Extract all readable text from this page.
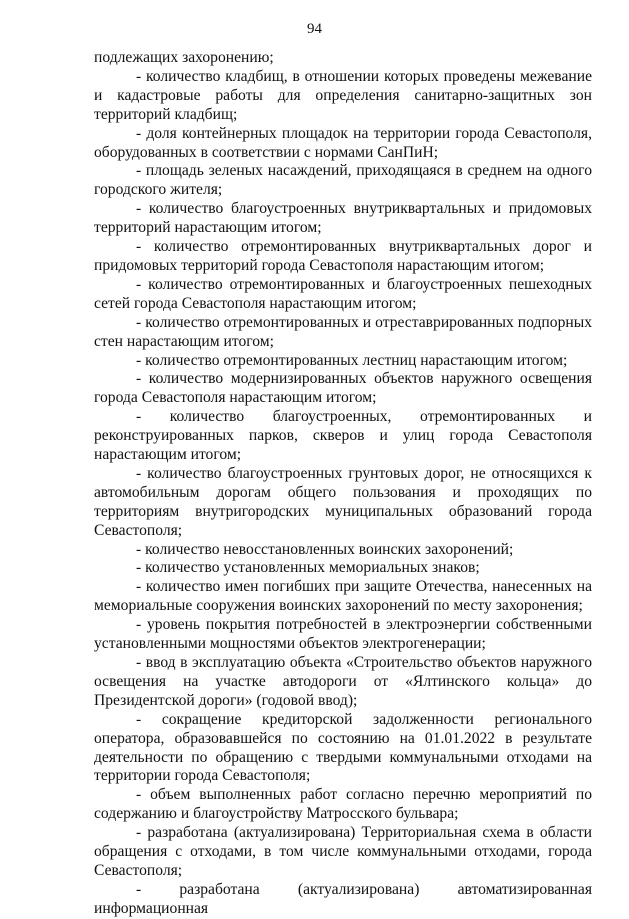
94

подлежащих захоронению;

- количество кладбищ, в отношении которых проведены межевание и кадастровые работы для определения санитарно-защитных зон территорий кладбищ;

- доля контейнерных площадок на территории города Севастополя, оборудованных в соответствии с нормами СанПиН;

- площадь зеленых насаждений, приходящаяся в среднем на одного городского жителя;

- количество благоустроенных внутриквартальных и придомовых территорий нарастающим итогом;

- количество отремонтированных внутриквартальных дорог и придомовых территорий города Севастополя нарастающим итогом;

- количество отремонтированных и благоустроенных пешеходных сетей города Севастополя нарастающим итогом;

- количество отремонтированных и отреставрированных подпорных стен нарастающим итогом;

- количество отремонтированных лестниц нарастающим итогом;

- количество модернизированных объектов наружного освещения города Севастополя нарастающим итогом;

- количество благоустроенных, отремонтированных и реконструированных парков, скверов и улиц города Севастополя нарастающим итогом;

- количество благоустроенных грунтовых дорог, не относящихся к автомобильным дорогам общего пользования и проходящих по территориям внутригородских муниципальных образований города Севастополя;

- количество невосстановленных воинских захоронений;

- количество установленных мемориальных знаков;

- количество имен погибших при защите Отечества, нанесенных на мемориальные сооружения воинских захоронений по месту захоронения;

- уровень покрытия потребностей в электроэнергии собственными установленными мощностями объектов электрогенерации;

- ввод в эксплуатацию объекта «Строительство объектов наружного освещения на участке автодороги от «Ялтинского кольца» до Президентской дороги» (годовой ввод);

- сокращение кредиторской задолженности регионального оператора, образовавшейся по состоянию на 01.01.2022 в результате деятельности по обращению с твердыми коммунальными отходами на территории города Севастополя;

- объем выполненных работ согласно перечню мероприятий по содержанию и благоустройству Матросского бульвара;

- разработана (актуализирована) Территориальная схема в области обращения с отходами, в том числе коммунальными отходами, города Севастополя;

- разработана (актуализирована) автоматизированная информационная
